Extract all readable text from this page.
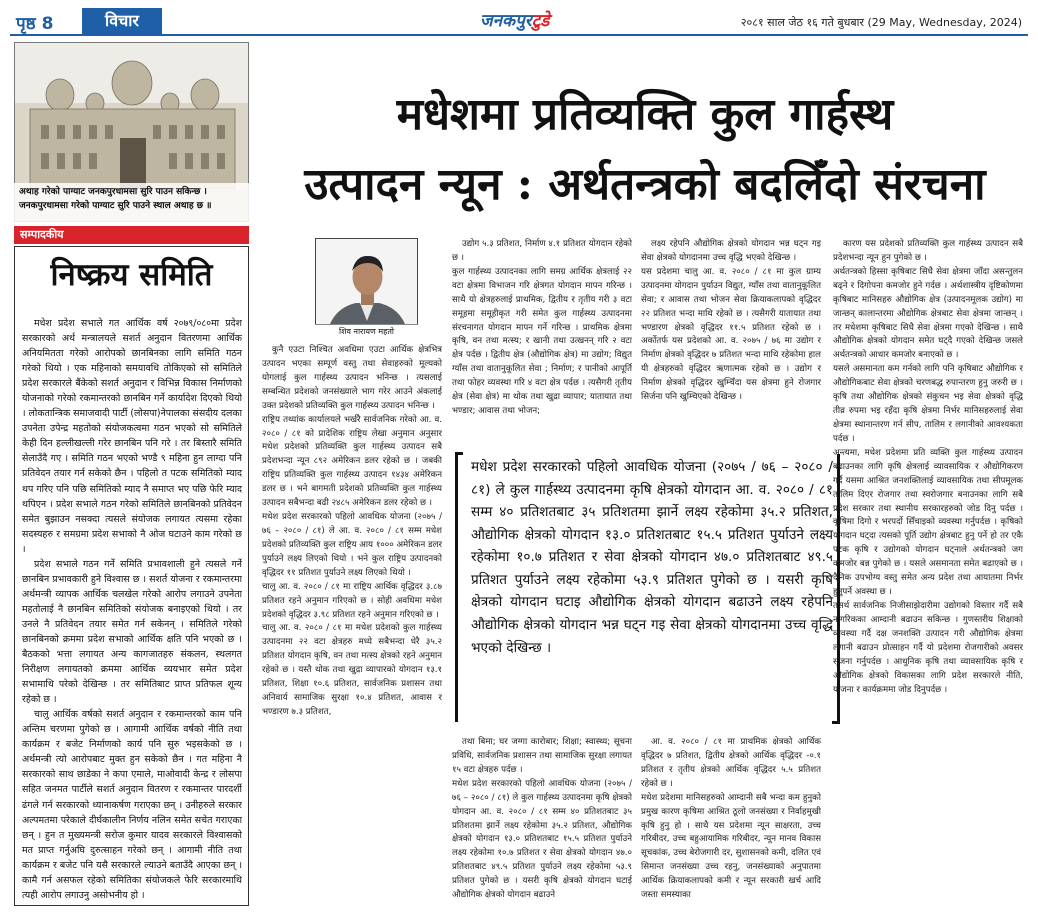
पृष्ठ 8	विचार	जनकपुरटुडे	२०८१ साल जेठ १६ गते बुधबार (29 May, Wednesday, 2024)
अथाह गरेको पाग्याट जनकपुरधामसा सुरि पाउन सकिन्छ । जनकपुरधामसा गरेको पाग्याट सुरि पाउने स्थाल अथाह छ ॥
मधेशमा प्रतिव्यक्ति कुल गार्हस्थ
उत्पादन न्यून : अर्थतन्त्रको बदलिँदो संरचना
सम्पादकीय
निष्क्रय समिति

मधेश प्रदेश सभाले गत आर्थिक वर्ष २०७९/०८०मा प्रदेश सरकारको अर्थ मन्त्रालयले सशर्त अनुदान वितरणमा आर्थिक अनियमितता गरेको आरोपको छानबिनका लागि समिति गठन गरेको थियो । एक महिनाको समयावधि तोकिएको सो समितिले प्रदेश सरकारले बैंकेको सशर्त अनुदान र विभिन्न विकास निर्माणको योजनाको गरेको रकमान्तरको छानबिन गर्ने कार्यादेश दिएको थियो । लोकतान्त्रिक समाजवादी पार्टी (लोसपा)नेपालका संसदीय दलका उपनेता उपेन्द्र महतोको संयोजकत्वमा गठन भएको सो समितिले केही दिन हल्लीखल्ली गरेर छानबिन पनि गरे । तर बिस्तारै समिति सेलाउँदै गए । समिति गठन भएको भण्डै ९ महिना हुन लाग्दा पनि प्रतिवेदन तयार गर्न सकेको छैन । पहिलो त पटक समितिको म्याद थप गरिए पनि पछि समितिको म्याद नै समाप्त भए पछि फेरि म्याद थपिएन । प्रदेश सभाले गठन गरेको समितिले छानबिनको प्रतिवेदन समेत बुझाउन नसक्दा त्यसले संयोजक लगायत त्यसमा रहेका सदस्यहरु र समग्रमा प्रदेश सभाको नै ओज घटाउने काम गरेको छ ।

प्रदेश सभाले गठन गर्ने समिति प्रभावशाली हुने त्यसले गर्ने छानबिन प्रभावकारी हुने विश्वास छ । सशर्त योजना र रकमान्तरमा अर्थमन्त्री व्यापक आर्थिक चलखेल गरेको आरोप लगाउने उपनेता महतोलाई नै छानबिन समितिको संयोजक बनाइएको थियो । तर उनले नै प्रतिवेदन तयार समेत गर्न सकेनन् । समितिले गरेको छानबिनको क्रममा प्रदेश सभाको आर्थिक क्षति पनि भएको छ । बैठकको भत्ता लगायत अन्य कागजातहरु संकलन, स्थलगत निरीक्षण लगायतको क्रममा आर्थिक व्ययभार समेत प्रदेश सभामाथि परेको देखिन्छ । तर समितिबाट प्राप्त प्रतिफल शून्य रहेको छ ।

चालु आर्थिक वर्षको सशर्त अनुदान र रकमान्तरको काम पनि अन्तिम चरणमा पुगेको छ । आगामी आर्थिक वर्षको नीति तथा कार्यक्रम र बजेट निर्माणको कार्य पनि सुरु भइसकेको छ । अर्थमन्त्री त्यो आरोपबाट मुक्त हुन सकेको छैन । गत महिना नै सरकारको साथ छाडेका ने कपा एमाले, माओवादी केन्द्र र लोसपा सहित जनमत पार्टीले सशर्त अनुदान वितरण र रकमान्तर पारदर्शी ढंगले गर्न सरकारको ध्यानाकर्षण गराएका छन् । उनीहरुले सरकार अल्पमतमा परेकाले दीर्घकालीन निर्णय नलिन समेत सचेत गराएका छन् । हुन त मुख्यमन्त्री सरोज कुमार यादव सरकारले विश्वासको मत प्राप्त गर्नुअघि दुरुत्साहन गरेको छन् । आगामी नीति तथा कार्यक्रम र बजेट पनि यसै सरकारले ल्याउने बताउँदै आएका छन् । कामै गर्न असफल रहेको समितिका संयोजकले फेरि सरकारमाथि त्यही आरोप लगाउनु असोभनीय हो ।

शिव नारायण महतो

कुनै एउटा निश्चित अवधिमा एउटा आर्थिक क्षेत्रभित्र उत्पादन भएका सम्पूर्ण वस्तु तथा सेवाहरुको मूल्यको योगलाई कुल गार्हस्थ्य उत्पादन भनिन्छ । त्यसलाई सम्बन्धित प्रदेशको जनसंख्याले भाग गरेर आउने अंकलाई उक्त प्रदेशको प्रतिव्यक्ति कुल गार्हस्थ्य उत्पादन भनिन्छ ।
राष्ट्रिय तथ्यांक कार्यालयले भर्खरै सार्वजनिक गरेको आ. व. २०८० / ८१ को प्रादेशिक राष्ट्रिय लेखा अनुमान अनुसार मधेश प्रदेशको प्रतिव्यक्ति कुल गार्हस्थ्य उत्पादन सबै प्रदेशभन्दा न्यून ८९२ अमेरिकन डलर रहेको छ । जबकी राष्ट्रिय प्रतिव्यक्ति कुल गार्हस्थ्य उत्पादन १४३४ अमेरिकन डलर छ । भने बागमती प्रदेशको प्रतिव्यक्ति कुल गार्हस्थ्य उत्पादन सबैभन्दा बढी २४८५ अमेरिकन डलर रहेको छ ।
मधेश प्रदेश सरकारको पहिलो आवधिक योजना (२०७५ / ७६ – २०८० / ८१) ले आ. व. २०८० / ८१ सम्म मधेश प्रदेशको प्रतिव्यक्ति कुल राष्ट्रिय आय १००० अमेरिकन डलर पुर्याउने लक्ष्य लिएको थियो । भने कुल राष्ट्रिय उत्पादनको वृद्धिदर ११ प्रतिशत पुर्याउने लक्ष्य लिएको थियो ।
चालु आ. व. २०८० / ८१ मा राष्ट्रिय आर्थिक वृद्धिदर ३.८७ प्रतिशत रहने अनुमान गरिएको छ । सोही अवधिमा मधेश प्रदेशको वृद्धिदर ३.९८ प्रतिशत रहने अनुमान गरिएको छ ।
चालु आ. व. २०८० / ८१ मा मधेश प्रदेशको कुल गार्हस्थ्य उत्पादनमा २२ वटा क्षेत्रहरु मध्ये सबैभन्दा धेरै ३५.२ प्रतिशत योगदान कृषि, वन तथा मत्स्य क्षेत्रको रहने अनुमान रहेको छ । यस्तै थोक तथा खुद्रा व्यापारको योगदान १३.१ प्रतिशत, शिक्षा १०.६ प्रतिशत, सार्वजनिक प्रशासन तथा अनिवार्य सामाजिक सुरक्षा १०.४ प्रतिशत, आवास र भण्डारण ७.३ प्रतिशत,

उद्योग ५.३ प्रतिशत, निर्माण ४.१ प्रतिशत योगदान रहेको छ ।
कुल गार्हस्थ्य उत्पादनका लागि समग्र आर्थिक क्षेत्रलाई २२ वटा क्षेत्रमा विभाजन गरि क्षेत्रगत योगदान मापन गरिन्छ । साथै यो क्षेत्रहरुलाई प्राथमिक, द्वितीय र तृतीय गरी ३ वटा समूहमा समूहीकृत गरी समेत कुल गार्हस्थ्य उत्पादनमा संरचनागत योगदान मापन गर्ने गरिन्छ । प्राथमिक क्षेत्रमा कृषि, वन तथा मत्स्य; र खानी तथा उत्खनन् गरि २ वटा क्षेत्र पर्दछ । द्वितीय क्षेत्र (औद्योगिक क्षेत्र) मा उद्योग; विद्युत ग्याँस तथा वातानुकूलित सेवा ; निर्माण; र पानीको आपूर्ति तथा फोहर व्यवस्था गरि ४ वटा क्षेत्र पर्दछ । त्यसैगरी तृतीय क्षेत्र (सेवा क्षेत्र) मा थोक तथा खुद्रा व्यापार; यातायात तथा भण्डार; आवास तथा भोजन;

लक्ष्य रहेपनि औद्योगिक क्षेत्रको योगदान भन्न घट्न गइ सेवा क्षेत्रको योगदानमा उच्च वृद्धि भएको देखिन्छ ।
यस प्रदेशमा चालु आ. व. २०८० / ८१ मा कुल ग्राम्य उत्पादनमा योगदान पुर्याउन विद्युत, ग्याँस तथा वातानुकूलित सेवा; र आवास तथा भोजन सेवा क्रियाकलापको वृद्धिदर २२ प्रतिशत भन्दा माथि रहेको छ । त्यसैगरी यातायात तथा भण्डारण क्षेत्रको वृद्धिदर ११.५ प्रतिशत रहेको छ । अर्कोतर्फ यस प्रदेशको आ. व. २०७५ / ७६ मा उद्योग र निर्माण क्षेत्रको वृद्धिदर ७ प्रतिशत भन्दा माथि रहेकोमा हाल यी क्षेत्रहरुको वृद्धिदर ऋणात्मक रहेको छ । उद्योग र निर्माण क्षेत्रको वृद्धिदर खुम्चिँदा यस क्षेत्रमा हुने रोजगार सिर्जना पनि खुम्चिएको देखिन्छ ।

कारण यस प्रदेशको प्रतिव्यक्ति कुल गार्हस्थ्य उत्पादन सबै प्रदेशभन्दा न्यून हुन पुगेको छ ।
अर्थतन्त्रको हिस्सा कृषिबाट सिधै सेवा क्षेत्रमा जाँदा असन्तुलन बढ्ने र दिगोपना कमजोर हुने गर्दछ । अर्थशास्त्रीय दृष्टिकोणमा कृषिबाट मानिसहरु औद्योगिक क्षेत्र (उत्पादनमूलक उद्योग) मा जान्छन् कालान्तरमा औद्योगिक क्षेत्रबाट सेवा क्षेत्रमा जान्छन् । तर मधेशमा कृषिबाट सिधै सेवा क्षेत्रमा गएको देखिन्छ । साथै औद्योगिक क्षेत्रको योगदान समेत घट्दै गएको देखिन्छ जसले अर्थतन्त्रको आधार कमजोर बनाएको छ ।
यसले असमानता कम गर्नको लागि पनि कृषिबाट औद्योगिक र औद्योगिकबाट सेवा क्षेत्रको चरणबद्ध रुपान्तरण हुनु जरुरी छ । कृषि तथा औद्योगिक क्षेत्रको संकुचन भइ सेवा क्षेत्रको वृद्धि तीव्र रुपमा भइ रहँदा कृषि क्षेत्रमा निर्भर मानिसहरुलाई सेवा क्षेत्रमा स्थानान्तरण गर्न सीप, तालिम र लगानीको आवश्यकता पर्दछ ।
अन्त्यमा, मधेश प्रदेशमा प्रति व्यक्ति कुल गार्हस्थ्य उत्पादन बढाउनका लागि कृषि क्षेत्रलाई व्यावसायिक र औद्योगिकरण गर्दै यसमा आश्रित जनशक्तिलाई व्यावसायिक तथा सीपमूलक तालिम दिएर रोजगार तथा स्वरोजगार बनाउनका लागि सबै प्रदेश सरकार तथा स्थानीय सरकारहरुको जोड दिनु पर्दछ । कृषिमा दिगो र भरपर्दो सिँचाइको व्यवस्था गर्नुपर्दछ । कृषिको योगदान घट्दा त्यसको पूर्ति उद्योग क्षेत्रबाट हुनु पर्ने हो तर एकै पटक कृषि र उद्योगको योगदान घट्नाले अर्थतन्त्रको जग कमजोर बन्न पुगेको छ । यसले असमानता समेत बढाएको छ । दैनिक उपभोग्य वस्तु समेत अन्य प्रदेश तथा आयातमा निर्भर हुनुपर्ने अवस्था छ ।
तसर्थ सार्वजनिक निजीसाझेदारीमा उद्योगको विस्तार गर्दै सबै नागरिकका आम्दानी बढाउन सकिन्छ । गुणस्तरीय शिक्षाको व्यवस्था गर्दै दक्ष जनशक्ति उत्पादन गरी औद्योगिक क्षेत्रमा लगानी बढाउन प्रोत्साहन गर्दै यो प्रदेशमा रोजगारीको अवसर सृजना गर्नुपर्दछ । आधुनिक कृषि तथा व्यावसायिक कृषि र औद्योगिक क्षेत्रको विकासका लागि प्रदेश सरकारले नीति, योजना र कार्यक्रममा जोड दिनुपर्दछ ।

तथा बिमा; घर जग्गा कारोबार; शिक्षा; स्वास्थ्य; सूचना प्रविधि, सार्वजनिक प्रशासन तथा सामाजिक सुरक्षा लगायत १५ वटा क्षेत्रहरु पर्दछ ।
मधेश प्रदेश सरकारको पहिलो आवधिक योजना (२०७५ / ७६ – २०८० / ८१) ले कुल गार्हस्थ्य उत्पादनमा कृषि क्षेत्रको योगदान आ. व. २०८० / ८१ सम्म ४० प्रतिशतबाट ३५ प्रतिशतमा झार्ने लक्ष्य रहेकोमा ३५.२ प्रतिशत, औद्योगिक क्षेत्रको योगदान १३.० प्रतिशतबाट १५.५ प्रतिशत पुर्याउने लक्ष्य रहेकोमा १०.७ प्रतिशत र सेवा क्षेत्रको योगदान ४७.० प्रतिशतबाट ४९.५ प्रतिशत पुर्याउने लक्ष्य रहेकोमा ५३.९ प्रतिशत पुगेको छ । यसरी कृषि क्षेत्रको योगदान घटाई औद्योगिक क्षेत्रको योगदान बढाउने

आ. व. २०८० / ८१ मा प्राथमिक क्षेत्रको आर्थिक वृद्धिदर ७ प्रतिशत, द्वितीय क्षेत्रको आर्थिक वृद्धिदर -०.१ प्रतिशत र तृतीय क्षेत्रको आर्थिक वृद्धिदर ५.५ प्रतिशत रहेको छ ।
मधेश प्रदेशमा मानिसहरुको आम्दानी सबै भन्दा कम हुनुको प्रमुख कारण कृषिमा आश्रित ठूलो जनसंख्या र निर्वाहमुखी कृषि हुनु हो । साथै यस प्रदेशमा न्यून साक्षरता, उच्च गरिबीदर, उच्च बहुआयामिक गरिबीदर, न्यून मानव विकास सूचकांक, उच्च बेरोजगारी दर, सुशासनको कमी, दलित एवं सिमान्त जनसंख्या उच्च रहनु, जनसंख्याको अनुपातमा आर्थिक क्रियाकलापको कमी र न्यून सरकारी खर्च आदि जस्ता समस्याका

मधेश प्रदेश सरकारको पहिलो आवधिक योजना (२०७५ / ७६ – २०८० / ८१) ले कुल गार्हस्थ्य उत्पादनमा कृषि क्षेत्रको योगदान आ. व. २०८० / ८१ सम्म ४० प्रतिशतबाट ३५ प्रतिशतमा झार्ने लक्ष्य रहेकोमा ३५.२ प्रतिशत, औद्योगिक क्षेत्रको योगदान १३.० प्रतिशतबाट १५.५ प्रतिशत पुर्याउने लक्ष्य रहेकोमा १०.७ प्रतिशत र सेवा क्षेत्रको योगदान ४७.० प्रतिशतबाट ४९.५ प्रतिशत पुर्याउने लक्ष्य रहेकोमा ५३.९ प्रतिशत पुगेको छ । यसरी कृषि क्षेत्रको योगदान घटाइ औद्योगिक क्षेत्रको योगदान बढाउने लक्ष्य रहेपनि औद्योगिक क्षेत्रको योगदान भन्न घट्न गइ सेवा क्षेत्रको योगदानमा उच्च वृद्धि भएको देखिन्छ ।
